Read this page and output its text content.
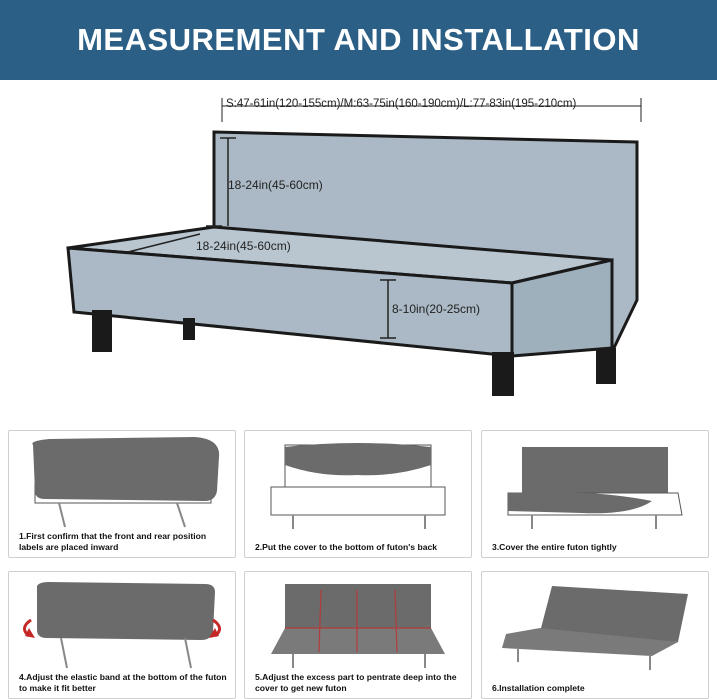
MEASUREMENT AND INSTALLATION
S:47-61in(120-155cm)/M:63-75in(160-190cm)/L:77-83in(195-210cm)
18-24in(45-60cm)
18-24in(45-60cm)
8-10in(20-25cm)
1.First confirm that the front and rear position labels are placed inward	2.Put the cover to the bottom of futon's back	3.Cover the entire futon tightly
4.Adjust the elastic band at the bottom of the futon to make it fit better
5.Adjust the excess part to pentrate deep into the cover to get new futon	6.Installation complete
